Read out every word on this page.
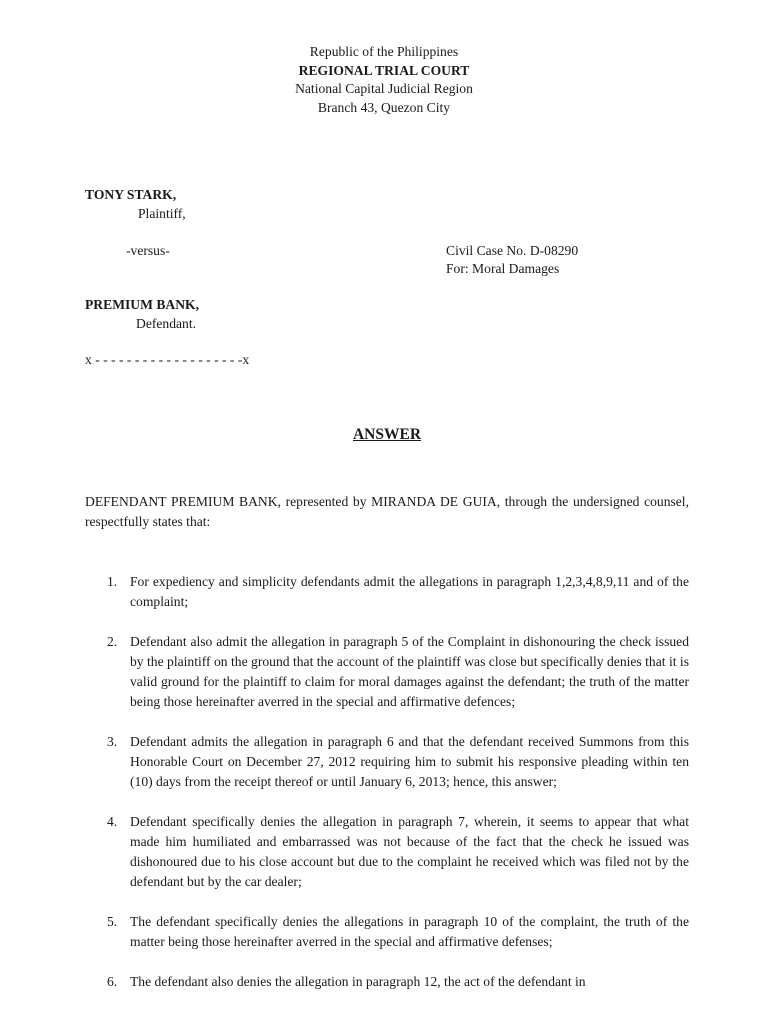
Republic of the Philippines
REGIONAL TRIAL COURT
National Capital Judicial Region
Branch 43, Quezon City
TONY STARK,
Plaintiff,
-versus-	Civil Case No. D-08290
For: Moral Damages
PREMIUM BANK,
Defendant.
x - - - - - - - - - - - - - - - - - - -x
ANSWER
DEFENDANT PREMIUM BANK, represented by MIRANDA DE GUIA, through the undersigned counsel, respectfully states that:
1. For expediency and simplicity defendants admit the allegations in paragraph 1,2,3,4,8,9,11 and of the complaint;
2. Defendant also admit the allegation in paragraph 5 of the Complaint in dishonouring the check issued by the plaintiff on the ground that the account of the plaintiff was close but specifically denies that it is valid ground for the plaintiff to claim for moral damages against the defendant; the truth of the matter being those hereinafter averred in the special and affirmative defences;
3. Defendant admits the allegation in paragraph 6 and that the defendant received Summons from this Honorable Court on December 27, 2012 requiring him to submit his responsive pleading within ten (10) days from the receipt thereof or until January 6, 2013; hence, this answer;
4. Defendant specifically denies the allegation in paragraph 7, wherein, it seems to appear that what made him humiliated and embarrassed was not because of the fact that the check he issued was dishonoured due to his close account but due to the complaint he received which was filed not by the defendant but by the car dealer;
5. The defendant specifically denies the allegations in paragraph 10 of the complaint, the truth of the matter being those hereinafter averred in the special and affirmative defenses;
6. The defendant also denies the allegation in paragraph 12, the act of the defendant in
